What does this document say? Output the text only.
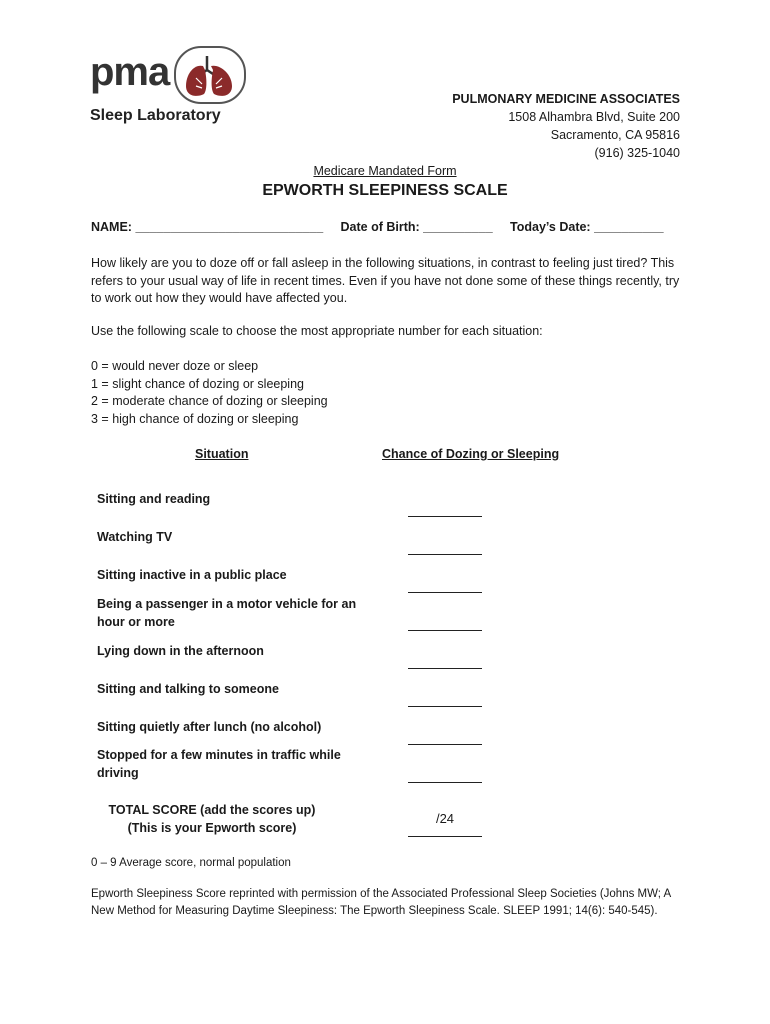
pma
Sleep Laboratory
PULMONARY MEDICINE ASSOCIATES
1508 Alhambra Blvd, Suite 200
Sacramento, CA 95816
(916) 325-1040
Medicare Mandated Form
EPWORTH SLEEPINESS SCALE
NAME: ___________________________     Date of Birth: __________     Today’s Date: __________
How likely are you to doze off or fall asleep in the following situations, in contrast to feeling just tired? This refers to your usual way of life in recent times. Even if you have not done some of these things recently, try to work out how they would have affected you.
Use the following scale to choose the most appropriate number for each situation:
0 = would never doze or sleep
1 = slight chance of dozing or sleeping
2 = moderate chance of dozing or sleeping
3 = high chance of dozing or sleeping
Situation	Chance of Dozing or Sleeping
Sitting and reading
Watching TV
Sitting inactive in a public place
Being a passenger in a motor vehicle for an hour or more
Lying down in the afternoon
Sitting and talking to someone
Sitting quietly after lunch (no alcohol)
Stopped for a few minutes in traffic while driving
TOTAL SCORE (add the scores up)
(This is your Epworth score)
/24
0 – 9 Average score, normal population
Epworth Sleepiness Score reprinted with permission of the Associated Professional Sleep Societies (Johns MW; A New Method for Measuring Daytime Sleepiness: The Epworth Sleepiness Scale. SLEEP 1991; 14(6): 540-545).
